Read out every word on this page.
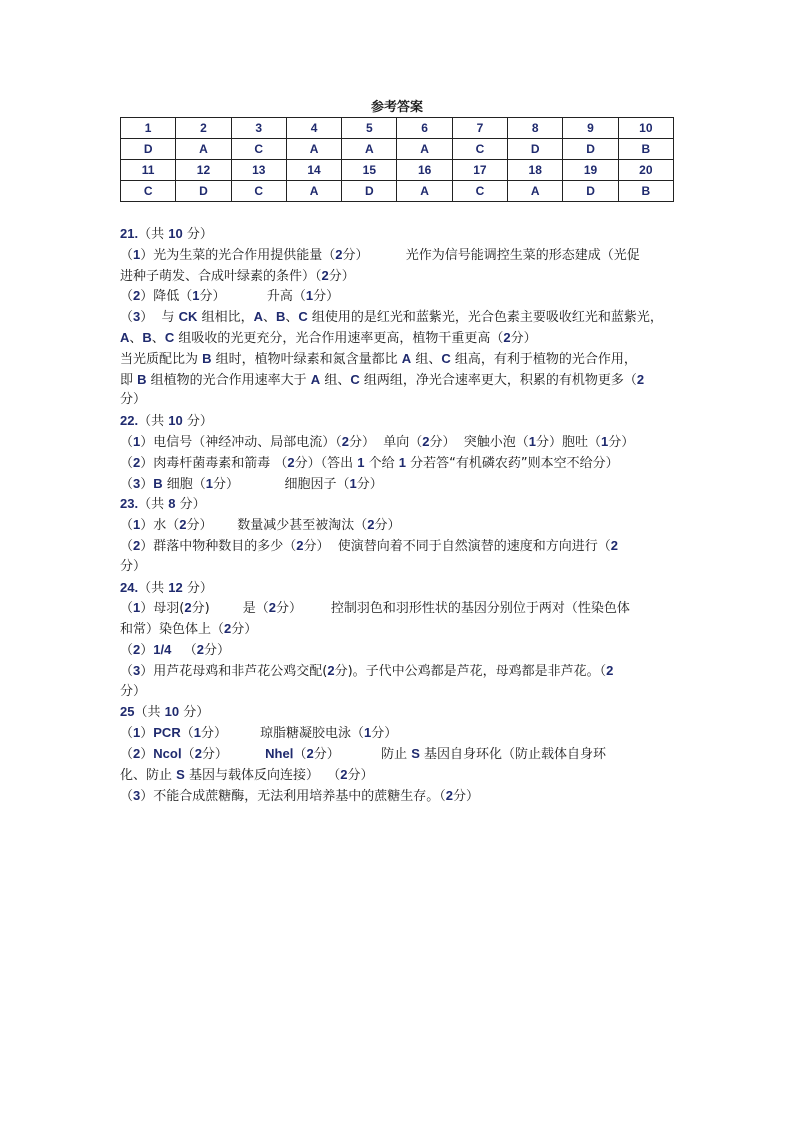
参考答案
1	2	3	4	5	6	7	8	9	10
D	A	C	A	A	A	C	D	D	B
11	12	13	14	15	16	17	18	19	20
C	D	C	A	D	A	C	A	D	B
21.（共 10 分）
（1）光为生菜的光合作用提供能量（2分）         光作为信号能调控生菜的形态建成（光促
进种子萌发、合成叶绿素的条件）（2分）
（2）降低（1分）          升高（1分）
（3）  与 CK 组相比，A、B、C 组使用的是红光和蓝紫光，光合色素主要吸收红光和蓝紫光，
A、B、C 组吸收的光更充分，光合作用速率更高，植物干重更高（2分）
当光质配比为 B 组时，植物叶绿素和氮含量都比 A 组、C 组高，有利于植物的光合作用，
即 B 组植物的光合作用速率大于 A 组、C 组两组，净光合速率更大，积累的有机物更多（2
分）
22.（共 10 分）
（1）电信号（神经冲动、局部电流）（2分）  单向（2分）  突触小泡（1分）胞吐（1分）
（2）肉毒杆菌毒素和箭毒 （2分）（答出 1 个给 1 分若答“有机磷农药”则本空不给分）
（3）B 细胞（1分）           细胞因子（1分）
23.（共 8 分）
（1）水（2分）      数量减少甚至被淘汰（2分）
（2）群落中物种数目的多少（2分）  使演替向着不同于自然演替的速度和方向进行（2
分）
24.（共 12 分）
（1）母羽(2分)        是（2分）       控制羽色和羽形性状的基因分别位于两对（性染色体
和常）染色体上（2分）
（2）1/4   （2分）
（3）用芦花母鸡和非芦花公鸡交配(2分)。子代中公鸡都是芦花，母鸡都是非芦花。（2
分）
25（共 10 分）
（1）PCR（1分）        琼脂糖凝胶电泳（1分）
（2）NcoⅠ（2分）         NheⅠ（2分）          防止 S 基因自身环化（防止载体自身环
化、防止 S 基因与载体反向连接）  （2分）
（3）不能合成蔗糖酶，无法利用培养基中的蔗糖生存。（2分）
